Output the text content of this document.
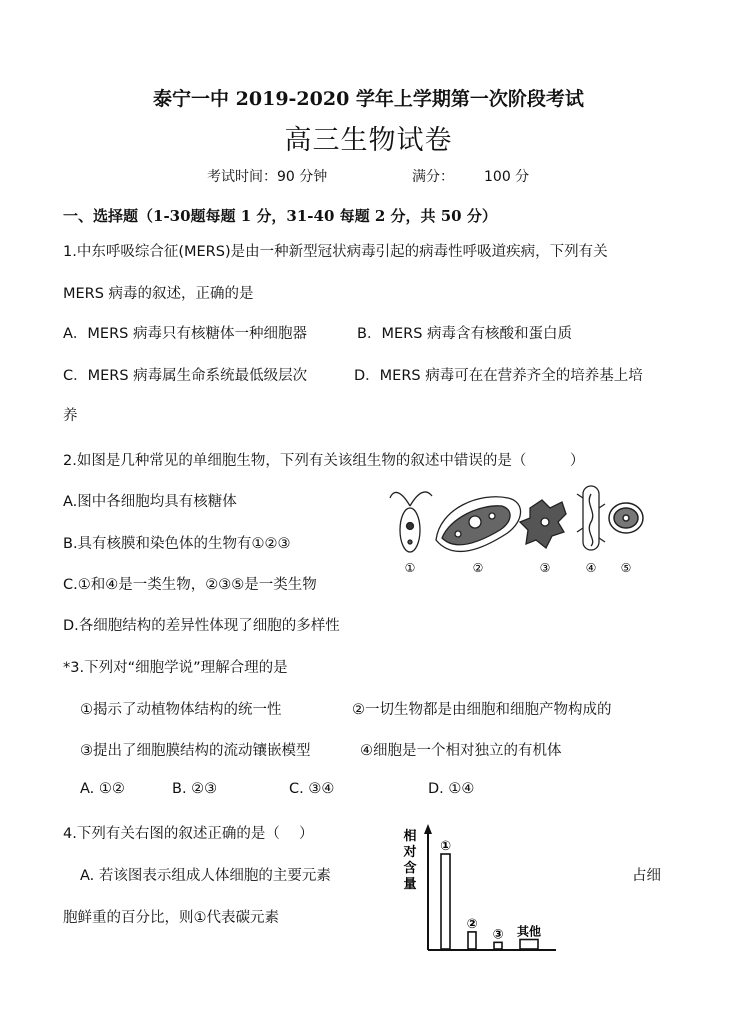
泰宁一中 2019-2020 学年上学期第一次阶段考试
高三生物试卷
考试时间：90 分钟	满分： 100 分
一、选择题（1-30题每题 1 分，31-40 每题 2 分，共 50 分）
1.中东呼吸综合征(MERS)是由一种新型冠状病毒引起的病毒性呼吸道疾病，下列有关
MERS 病毒的叙述，正确的是
A．MERS 病毒只有核糖体一种细胞器	B．MERS 病毒含有核酸和蛋白质
C．MERS 病毒属生命系统最低级层次	D．MERS 病毒可在在营养齐全的培养基上培
养
2.如图是几种常见的单细胞生物，下列有关该组生物的叙述中错误的是（　　　）
A.图中各细胞均具有核糖体
B.具有核膜和染色体的生物有①②③
C.①和④是一类生物，②③⑤是一类生物
D.各细胞结构的差异性体现了细胞的多样性
①	②	③	④ ⑤
*3.下列对“细胞学说”理解合理的是
①揭示了动植物体结构的统一性	②一切生物都是由细胞和细胞产物构成的
③提出了细胞膜结构的流动镶嵌模型	④细胞是一个相对独立的有机体
A. ①②	B. ②③	C. ③④	D. ①④
4.下列有关右图的叙述正确的是（　 ）
A. 若该图表示组成人体细胞的主要元素	占细
胞鲜重的百分比，则①代表碳元素
相
对
含
量
①
②
③ 其他
